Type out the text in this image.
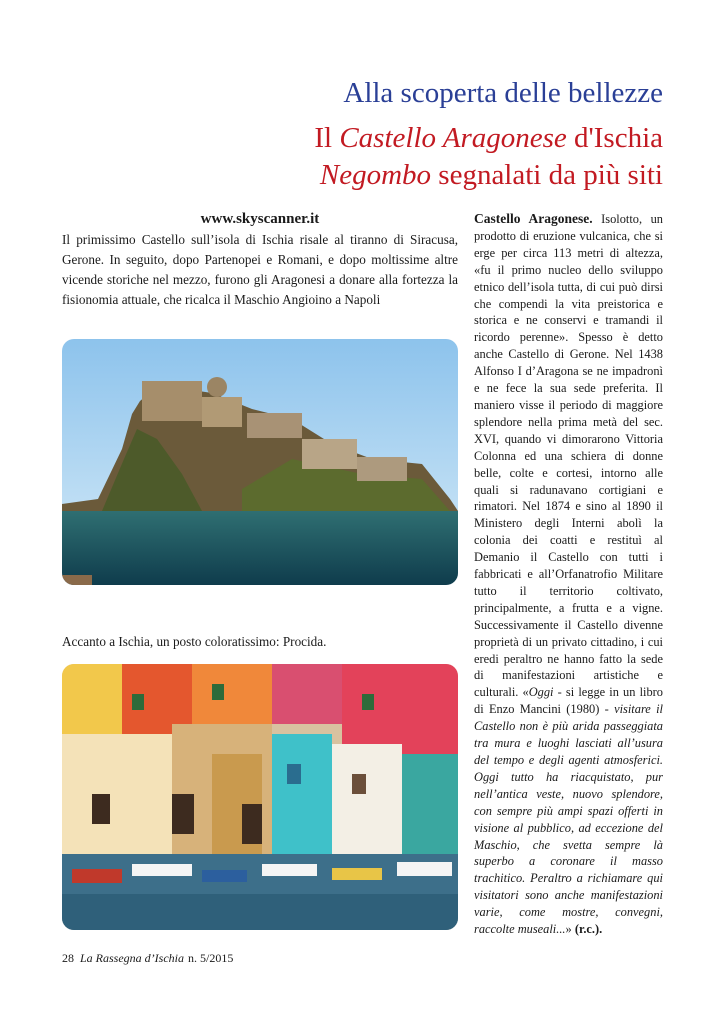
Alla scoperta delle bellezze
Il Castello Aragonese d'Ischia
Negombo segnalati da più siti

www.skyscanner.it

Il primissimo Castello sull’isola di Ischia risale al tiranno di Siracusa, Gerone. In seguito, dopo Partenopei e Romani, e dopo moltissime altre vicende storiche nel mezzo, furono gli Aragonesi a donare alla fortezza la fisionomia attuale, che ricalca il Maschio Angioino a Napoli

Accanto a Ischia, un posto coloratissimo: Procida.

Castello Aragonese. Isolotto, un prodotto di eruzione vulcanica, che si erge per circa 113 metri di altezza, «fu il primo nucleo dello sviluppo etnico dell’isola tutta, di cui può dirsi che compendi la vita preistorica e storica e ne conservi e tramandi il ricordo perenne». Spesso è detto anche Castello di Gerone. Nel 1438 Alfonso I d’Aragona se ne impadronì e ne fece la sua sede preferita. Il maniero visse il periodo di maggiore splendore nella prima metà del sec. XVI, quando vi dimorarono Vittoria Colonna ed una schiera di donne belle, colte e cortesi, intorno alle quali si radunavano cortigiani e rimatori. Nel 1874 e sino al 1890 il Ministero degli Interni abolì la colonia dei coatti e restituì al Demanio il Castello con tutti i fabbricati e all’Orfanatrofio Militare tutto il territorio coltivato, principalmente, a frutta e a vigne. Successivamente il Castello divenne proprietà di un privato cittadino, i cui eredi peraltro ne hanno fatto la sede di manifestazioni artistiche e culturali. «Oggi - si legge in un libro di Enzo Mancini (1980) - visitare il Castello non è più arida passeggiata tra mura e luoghi lasciati all’usura del tempo e degli agenti atmosferici. Oggi tutto ha riacquistato, pur nell’antica veste, nuovo splendore, con sempre più ampi spazi offerti in visione al pubblico, ad eccezione del Maschio, che svetta sempre là superbo a coronare il masso trachitico. Peraltro a richiamare qui visitatori sono anche manifestazioni varie, come mostre, convegni, raccolte museali...» (r.c.).

28 La Rassegna d’Ischia n. 5/2015
